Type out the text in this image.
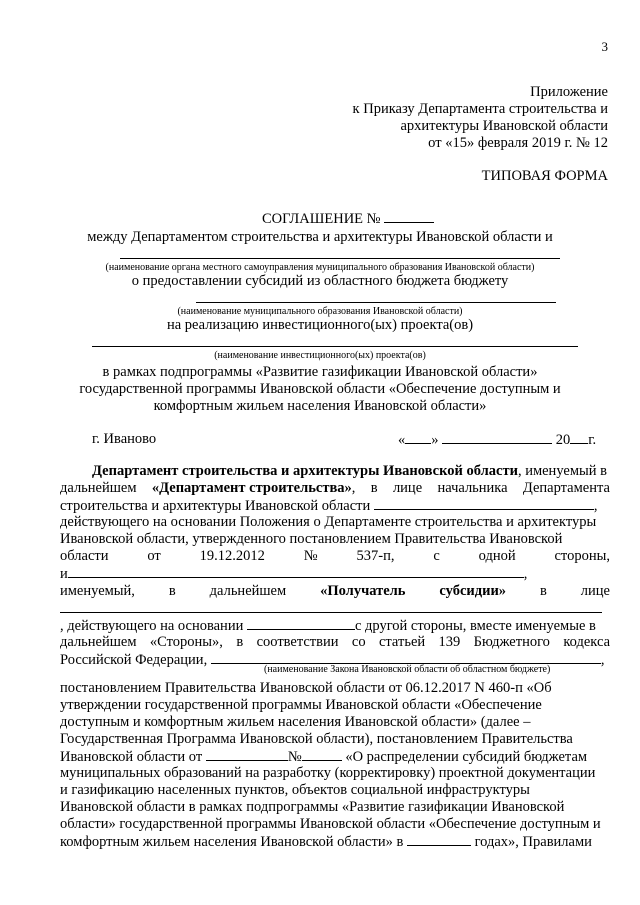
3
Приложение
к Приказу Департамента строительства и
архитектуры Ивановской области
от «15» февраля 2019 г. № 12
ТИПОВАЯ ФОРМА
СОГЛАШЕНИЕ №
между Департаментом строительства и архитектуры Ивановской области и
(наименование органа местного самоуправления муниципального образования Ивановской области)
о предоставлении субсидий из областного бюджета бюджету
(наименование муниципального образования Ивановской области)
на реализацию инвестиционного(ых) проекта(ов)
(наименование инвестиционного(ых) проекта(ов)
в рамках подпрограммы «Развитие газификации Ивановской области»
государственной программы Ивановской области «Обеспечение доступным и
комфортным жильем населения Ивановской области»
г. Иваново	« »	20 г.
Департамент строительства и архитектуры Ивановской области, именуемый в
дальнейшем «Департамент строительства», в лице начальника Департамента
строительства и архитектуры Ивановской области	,
действующего на основании Положения о Департаменте строительства и архитектуры
Ивановской области, утвержденного постановлением Правительства Ивановской
области	от	19.12.2012	№	537-п,	с	одной	стороны,
и	,
именуемый, в дальнейшем «Получатель субсидии» в лице
, действующего на основании	с другой стороны, вместе именуемые в
дальнейшем «Стороны», в соответствии со статьей 139 Бюджетного кодекса
Российской Федерации,	,
(наименование Закона Ивановской области об областном бюджете)
постановлением Правительства Ивановской области от 06.12.2017 N 460-п «Об
утверждении государственной программы Ивановской области «Обеспечение
доступным и комфортным жильем населения Ивановской области» (далее –
Государственная Программа Ивановской области), постановлением Правительства
Ивановской области от	№	«О распределении субсидий бюджетам
муниципальных образований на разработку (корректировку) проектной документации
и газификацию населенных пунктов, объектов социальной инфраструктуры
Ивановской области в рамках подпрограммы «Развитие газификации Ивановской
области» государственной программы Ивановской области «Обеспечение доступным и
комфортным жильем населения Ивановской области» в	годах», Правилами
